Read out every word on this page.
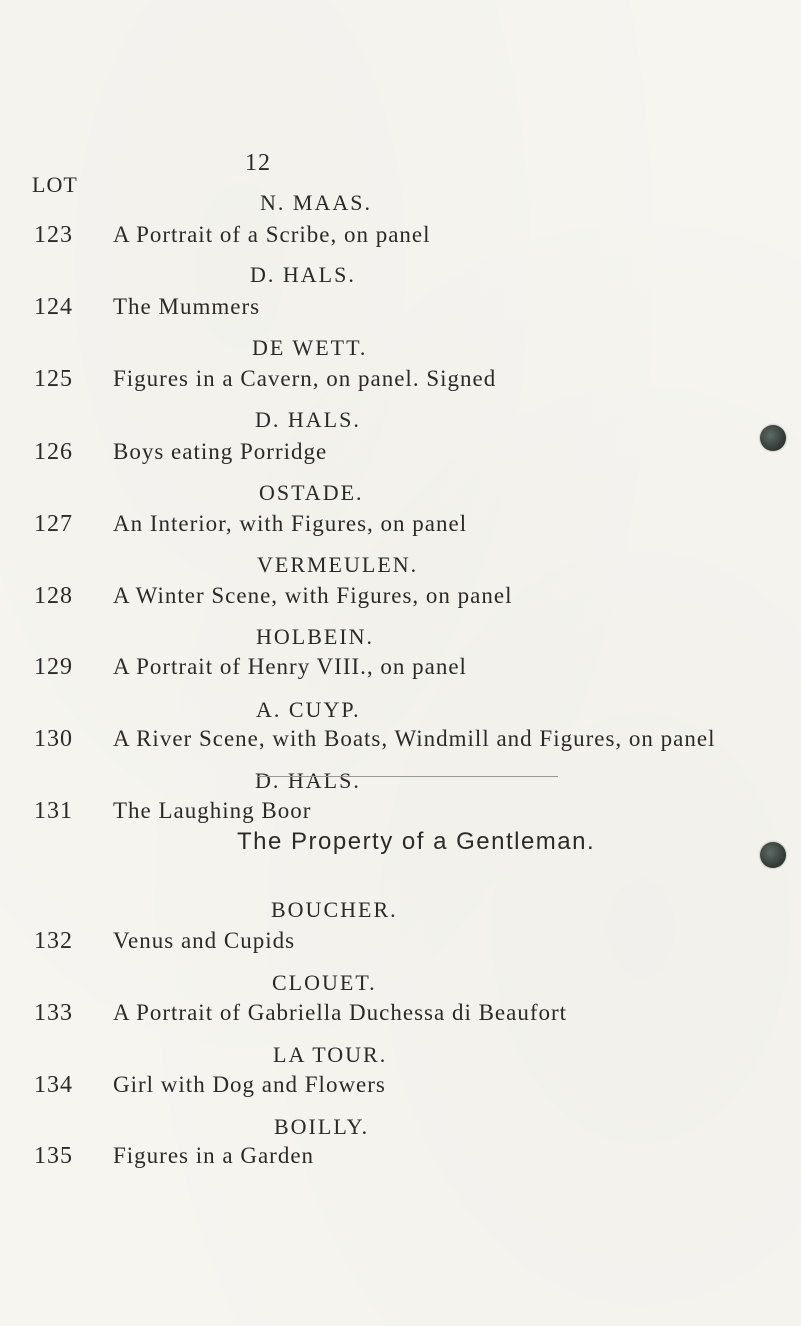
12
LOT
N. MAAS.
123 A Portrait of a Scribe, on panel
D. HALS.
124 The Mummers
DE WETT.
125 Figures in a Cavern, on panel. Signed
D. HALS.
126 Boys eating Porridge
OSTADE.
127 An Interior, with Figures, on panel
VERMEULEN.
128 A Winter Scene, with Figures, on panel
HOLBEIN.
129 A Portrait of Henry VIII., on panel
A. CUYP.
130 A River Scene, with Boats, Windmill and Figures, on panel
D. HALS.
131 The Laughing Boor
The Property of a Gentleman.
BOUCHER.
132 Venus and Cupids
CLOUET.
133 A Portrait of Gabriella Duchessa di Beaufort
LA TOUR.
134 Girl with Dog and Flowers
BOILLY.
135 Figures in a Garden
